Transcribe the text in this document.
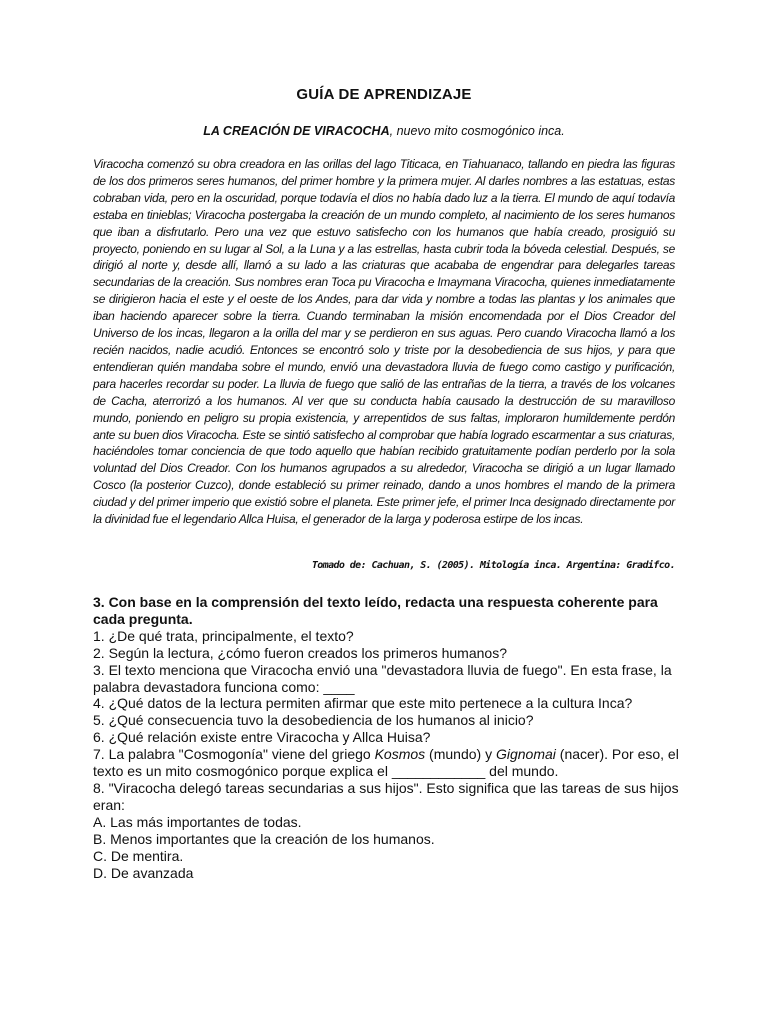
GUÍA DE APRENDIZAJE
LA CREACIÓN DE VIRACOCHA, nuevo mito cosmogónico inca.

Viracocha comenzó su obra creadora en las orillas del lago Titicaca, en Tiahuanaco, tallando en piedra las figuras de los dos primeros seres humanos, del primer hombre y la primera mujer. Al darles nombres a las estatuas, estas cobraban vida, pero en la oscuridad, porque todavía el dios no había dado luz a la tierra. El mundo de aquí todavía estaba en tinieblas; Viracocha postergaba la creación de un mundo completo, al nacimiento de los seres humanos que iban a disfrutarlo. Pero una vez que estuvo satisfecho con los humanos que había creado, prosiguió su proyecto, poniendo en su lugar al Sol, a la Luna y a las estrellas, hasta cubrir toda la bóveda celestial. Después, se dirigió al norte y, desde allí, llamó a su lado a las criaturas que acababa de engendrar para delegarles tareas secundarias de la creación. Sus nombres eran Toca pu Viracocha e Imaymana Viracocha, quienes inmediatamente se dirigieron hacia el este y el oeste de los Andes, para dar vida y nombre a todas las plantas y los animales que iban haciendo aparecer sobre la tierra. Cuando terminaban la misión encomendada por el Dios Creador del Universo de los incas, llegaron a la orilla del mar y se perdieron en sus aguas. Pero cuando Viracocha llamó a los recién nacidos, nadie acudió. Entonces se encontró solo y triste por la desobediencia de sus hijos, y para que entendieran quién mandaba sobre el mundo, envió una devastadora lluvia de fuego como castigo y purificación, para hacerles recordar su poder. La lluvia de fuego que salió de las entrañas de la tierra, a través de los volcanes de Cacha, aterrorizó a los humanos. Al ver que su conducta había causado la destrucción de su maravilloso mundo, poniendo en peligro su propia existencia, y arrepentidos de sus faltas, imploraron humildemente perdón ante su buen dios Viracocha. Este se sintió satisfecho al comprobar que había logrado escarmentar a sus criaturas, haciéndoles tomar conciencia de que todo aquello que habían recibido gratuitamente podían perderlo por la sola voluntad del Dios Creador. Con los humanos agrupados a su alrededor, Viracocha se dirigió a un lugar llamado Cosco (la posterior Cuzco), donde estableció su primer reinado, dando a unos hombres el mando de la primera ciudad y del primer imperio que existió sobre el planeta. Este primer jefe, el primer Inca designado directamente por la divinidad fue el legendario Allca Huisa, el generador de la larga y poderosa estirpe de los incas.

Tomado de: Cachuan, S. (2005). Mitología inca. Argentina: Gradifco.

3. Con base en la comprensión del texto leído, redacta una respuesta coherente para cada pregunta.

1. ¿De qué trata, principalmente, el texto?

2. Según la lectura, ¿cómo fueron creados los primeros humanos?

3. El texto menciona que Viracocha envió una "devastadora lluvia de fuego". En esta frase, la palabra devastadora funciona como: ____

4. ¿Qué datos de la lectura permiten afirmar que este mito pertenece a la cultura Inca?

5. ¿Qué consecuencia tuvo la desobediencia de los humanos al inicio?

6. ¿Qué relación existe entre Viracocha y Allca Huisa?

7. La palabra "Cosmogonía" viene del griego Kosmos (mundo) y Gignomai (nacer). Por eso, el texto es un mito cosmogónico porque explica el ____________ del mundo.

8. "Viracocha delegó tareas secundarias a sus hijos". Esto significa que las tareas de sus hijos eran:

A. Las más importantes de todas.

B. Menos importantes que la creación de los humanos.

C. De mentira.

D. De avanzada
